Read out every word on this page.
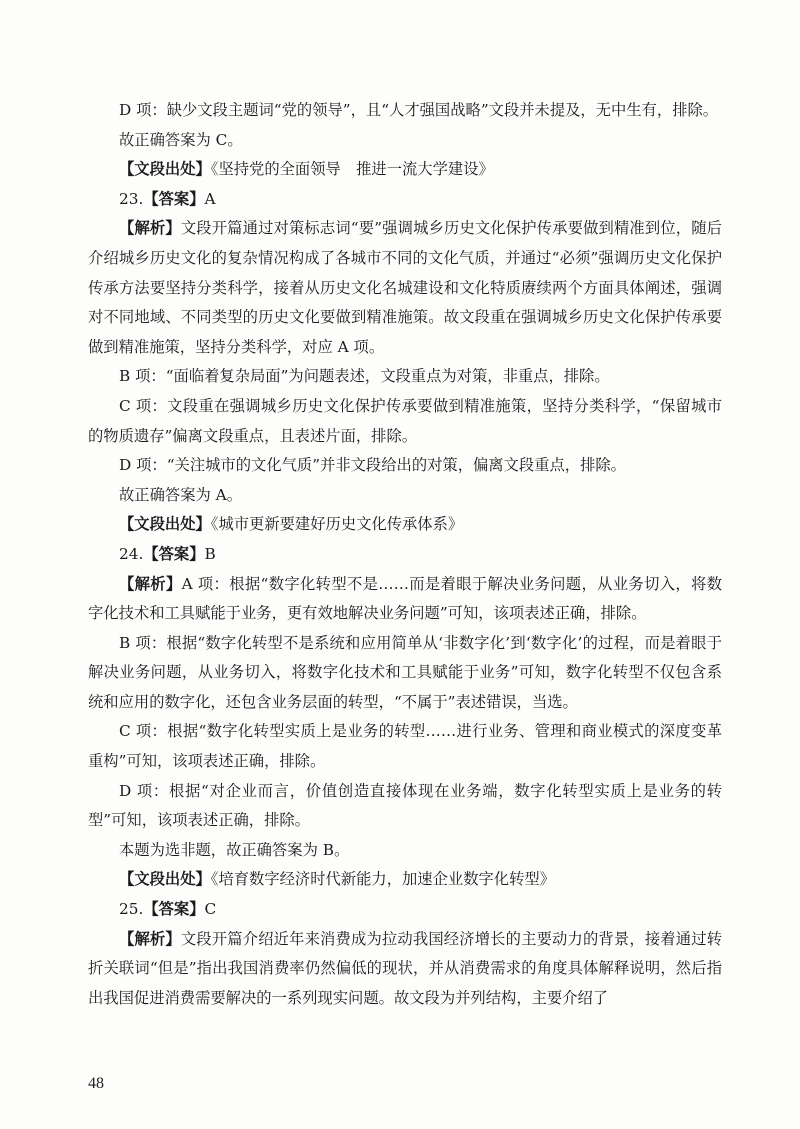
D 项：缺少文段主题词“党的领导”，且“人才强国战略”文段并未提及，无中生有，排除。

故正确答案为 C。

【文段出处】《坚持党的全面领导　推进一流大学建设》

23.【答案】A

【解析】文段开篇通过对策标志词“要”强调城乡历史文化保护传承要做到精准到位，随后介绍城乡历史文化的复杂情况构成了各城市不同的文化气质，并通过“必须”强调历史文化保护传承方法要坚持分类科学，接着从历史文化名城建设和文化特质赓续两个方面具体阐述，强调对不同地域、不同类型的历史文化要做到精准施策。故文段重在强调城乡历史文化保护传承要做到精准施策，坚持分类科学，对应 A 项。

B 项：“面临着复杂局面”为问题表述，文段重点为对策，非重点，排除。

C 项：文段重在强调城乡历史文化保护传承要做到精准施策，坚持分类科学，“保留城市的物质遗存”偏离文段重点，且表述片面，排除。

D 项：“关注城市的文化气质”并非文段给出的对策，偏离文段重点，排除。

故正确答案为 A。

【文段出处】《城市更新要建好历史文化传承体系》

24.【答案】B

【解析】A 项：根据“数字化转型不是……而是着眼于解决业务问题，从业务切入，将数字化技术和工具赋能于业务，更有效地解决业务问题”可知，该项表述正确，排除。

B 项：根据“数字化转型不是系统和应用简单从‘非数字化’到‘数字化’的过程，而是着眼于解决业务问题，从业务切入，将数字化技术和工具赋能于业务”可知，数字化转型不仅包含系统和应用的数字化，还包含业务层面的转型，“不属于”表述错误，当选。

C 项：根据“数字化转型实质上是业务的转型……进行业务、管理和商业模式的深度变革重构”可知，该项表述正确，排除。

D 项：根据“对企业而言，价值创造直接体现在业务端，数字化转型实质上是业务的转型”可知，该项表述正确，排除。

本题为选非题，故正确答案为 B。

【文段出处】《培育数字经济时代新能力，加速企业数字化转型》

25.【答案】C

【解析】文段开篇介绍近年来消费成为拉动我国经济增长的主要动力的背景，接着通过转折关联词“但是”指出我国消费率仍然偏低的现状，并从消费需求的角度具体解释说明，然后指出我国促进消费需要解决的一系列现实问题。故文段为并列结构，主要介绍了

48
